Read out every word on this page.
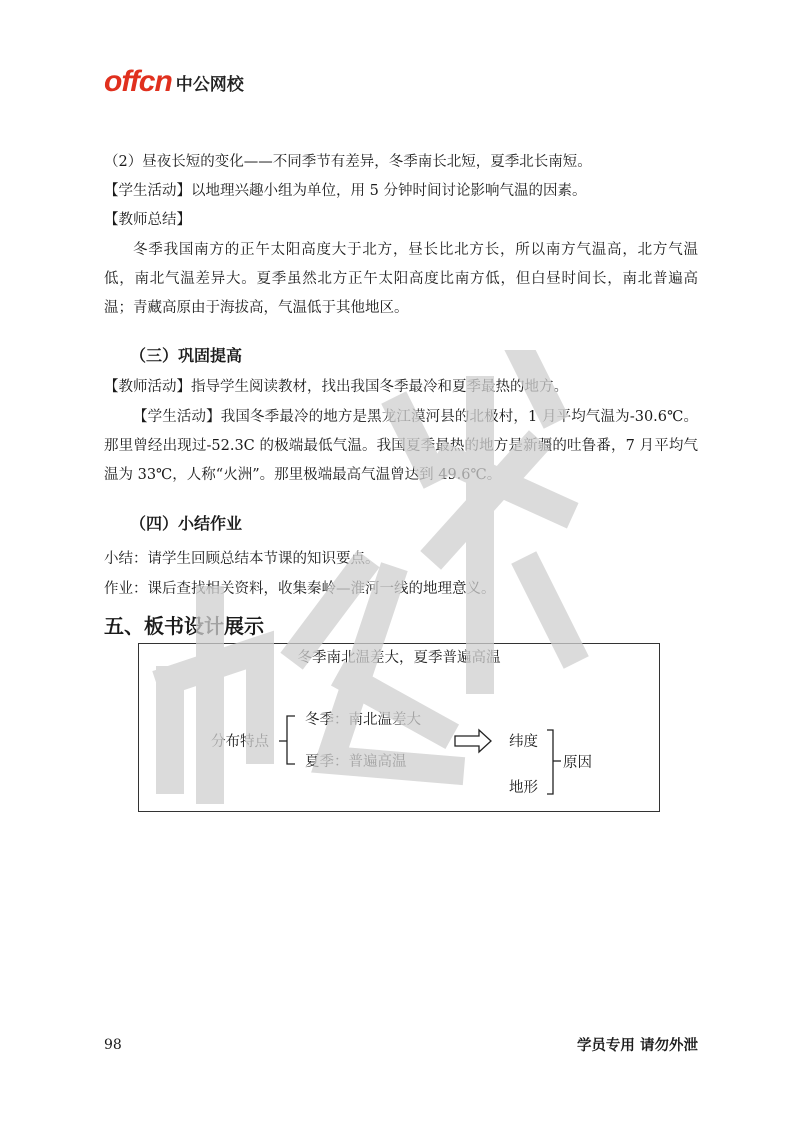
offcn 中公网校
（2）昼夜长短的变化——不同季节有差异，冬季南长北短，夏季北长南短。
【学生活动】以地理兴趣小组为单位，用 5 分钟时间讨论影响气温的因素。
【教师总结】
冬季我国南方的正午太阳高度大于北方，昼长比北方长，所以南方气温高，北方气温低，南北气温差异大。夏季虽然北方正午太阳高度比南方低，但白昼时间长，南北普遍高温；青藏高原由于海拔高，气温低于其他地区。
（三）巩固提高
【教师活动】指导学生阅读教材，找出我国冬季最冷和夏季最热的地方。
【学生活动】我国冬季最冷的地方是黑龙江漠河县的北极村，1 月平均气温为-30.6℃。那里曾经出现过-52.3C 的极端最低气温。我国夏季最热的地方是新疆的吐鲁番，7 月平均气温为 33℃，人称“火洲”。那里极端最高气温曾达到 49.6℃。
（四）小结作业
小结：请学生回顾总结本节课的知识要点。
作业：课后查找相关资料，收集秦岭—淮河一线的地理意义。
五、板书设计展示
冬季南北温差大，夏季普遍高温
分布特点
冬季：南北温差大
夏季：普遍高温
纬度
地形
原因
98	学员专用 请勿外泄
